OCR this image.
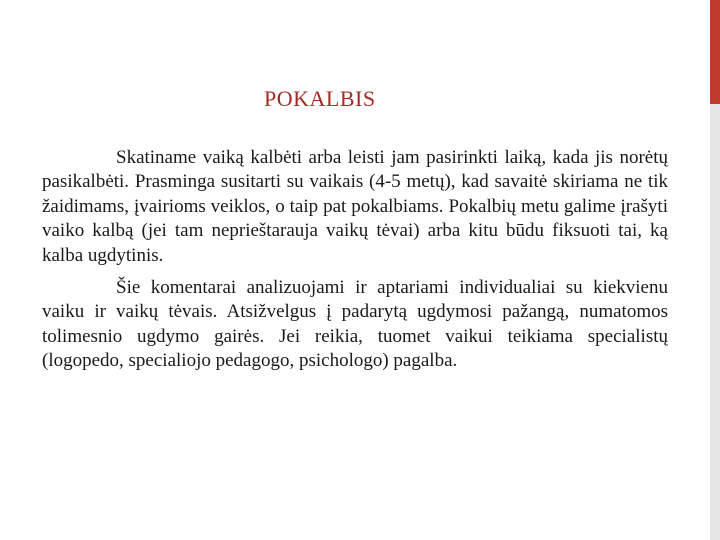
POKALBIS

Skatiname vaiką kalbėti arba leisti jam pasirinkti laiką, kada jis norėtų pasikalbėti. Prasminga susitarti su vaikais (4-5 metų), kad savaitė skiriama ne tik žaidimams, įvairioms veiklos, o taip pat pokalbiams. Pokalbių metu galime įrašyti vaiko kalbą (jei tam neprieštarauja vaikų tėvai) arba kitu būdu fiksuoti tai, ką kalba ugdytinis.

Šie komentarai analizuojami ir aptariami individualiai su kiekvienu vaiku ir vaikų tėvais. Atsižvelgus į padarytą ugdymosi pažangą, numatomos tolimesnio ugdymo gairės. Jei reikia, tuomet vaikui teikiama specialistų (logopedo, specialiojo pedagogo, psichologo) pagalba.
